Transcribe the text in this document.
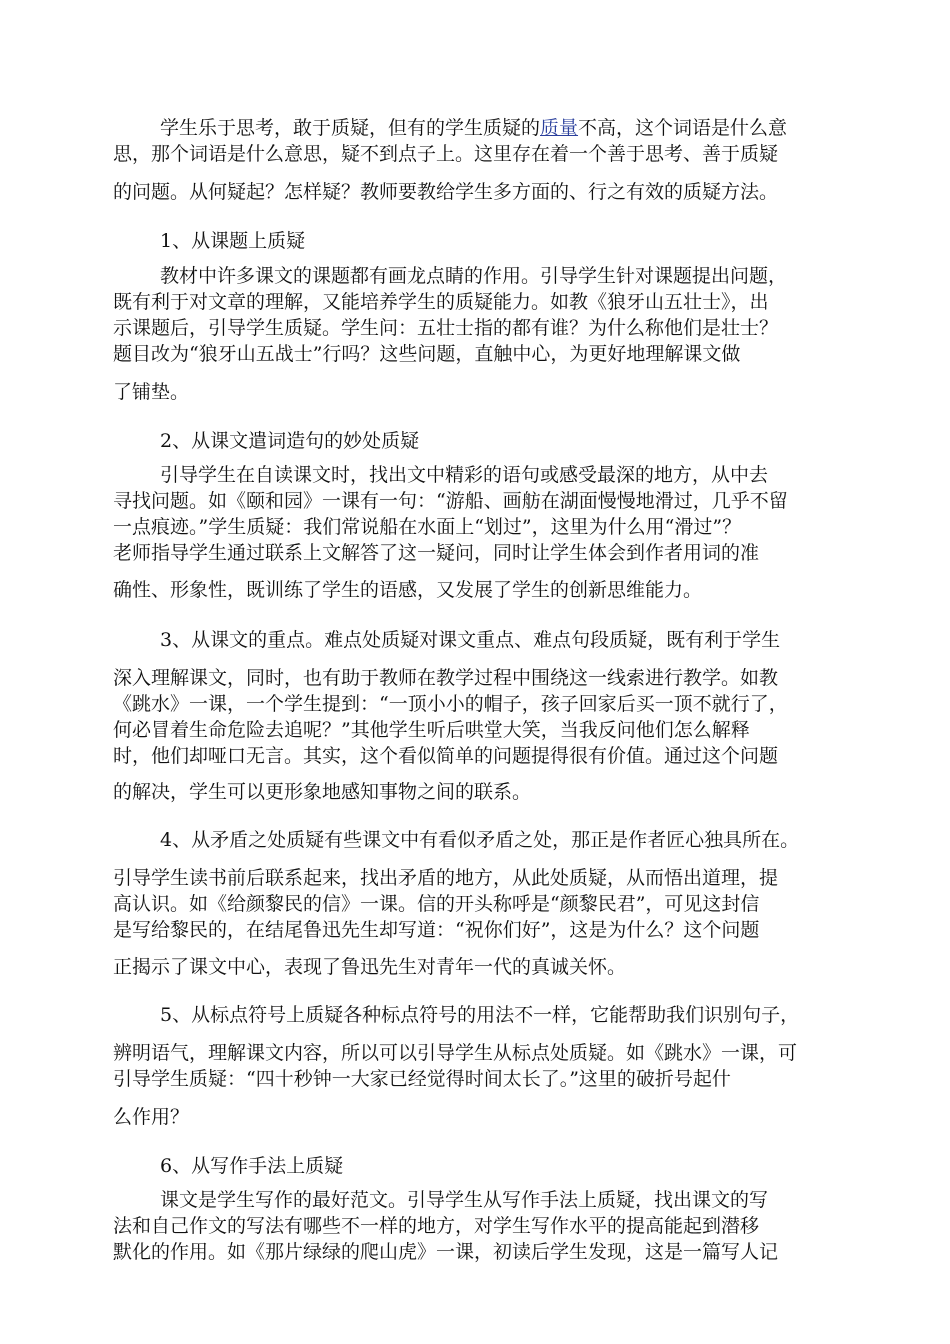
学生乐于思考，敢于质疑，但有的学生质疑的质量不高，这个词语是什么意
思，那个词语是什么意思，疑不到点子上。这里存在着一个善于思考、善于质疑
的问题。从何疑起？怎样疑？教师要教给学生多方面的、行之有效的质疑方法。
1、从课题上质疑
教材中许多课文的课题都有画龙点睛的作用。引导学生针对课题提出问题，
既有利于对文章的理解，又能培养学生的质疑能力。如教《狼牙山五壮士》，出
示课题后，引导学生质疑。学生问：五壮士指的都有谁？为什么称他们是壮士？
题目改为“狼牙山五战士”行吗？这些问题，直触中心，为更好地理解课文做
了铺垫。
2、从课文遣词造句的妙处质疑
引导学生在自读课文时，找出文中精彩的语句或感受最深的地方，从中去
寻找问题。如《颐和园》一课有一句：“游船、画舫在湖面慢慢地滑过，几乎不留
一点痕迹。”学生质疑：我们常说船在水面上“划过”，这里为什么用“滑过”？
老师指导学生通过联系上文解答了这一疑问，同时让学生体会到作者用词的准
确性、形象性，既训练了学生的语感，又发展了学生的创新思维能力。
3、从课文的重点。难点处质疑对课文重点、难点句段质疑，既有利于学生
深入理解课文，同时，也有助于教师在教学过程中围绕这一线索进行教学。如教
《跳水》一课，一个学生提到：“一顶小小的帽子，孩子回家后买一顶不就行了，
何必冒着生命危险去追呢？”其他学生听后哄堂大笑，当我反问他们怎么解释
时，他们却哑口无言。其实，这个看似简单的问题提得很有价值。通过这个问题
的解决，学生可以更形象地感知事物之间的联系。
4、从矛盾之处质疑有些课文中有看似矛盾之处，那正是作者匠心独具所在。
引导学生读书前后联系起来，找出矛盾的地方，从此处质疑，从而悟出道理，提
高认识。如《给颜黎民的信》一课。信的开头称呼是“颜黎民君”，可见这封信
是写给黎民的，在结尾鲁迅先生却写道：“祝你们好”，这是为什么？这个问题
正揭示了课文中心，表现了鲁迅先生对青年一代的真诚关怀。
5、从标点符号上质疑各种标点符号的用法不一样，它能帮助我们识别句子，
辨明语气，理解课文内容，所以可以引导学生从标点处质疑。如《跳水》一课，可
引导学生质疑：“四十秒钟一大家已经觉得时间太长了。”这里的破折号起什
么作用？
6、从写作手法上质疑
课文是学生写作的最好范文。引导学生从写作手法上质疑，找出课文的写
法和自己作文的写法有哪些不一样的地方，对学生写作水平的提高能起到潜移
默化的作用。如《那片绿绿的爬山虎》一课，初读后学生发现，这是一篇写人记
